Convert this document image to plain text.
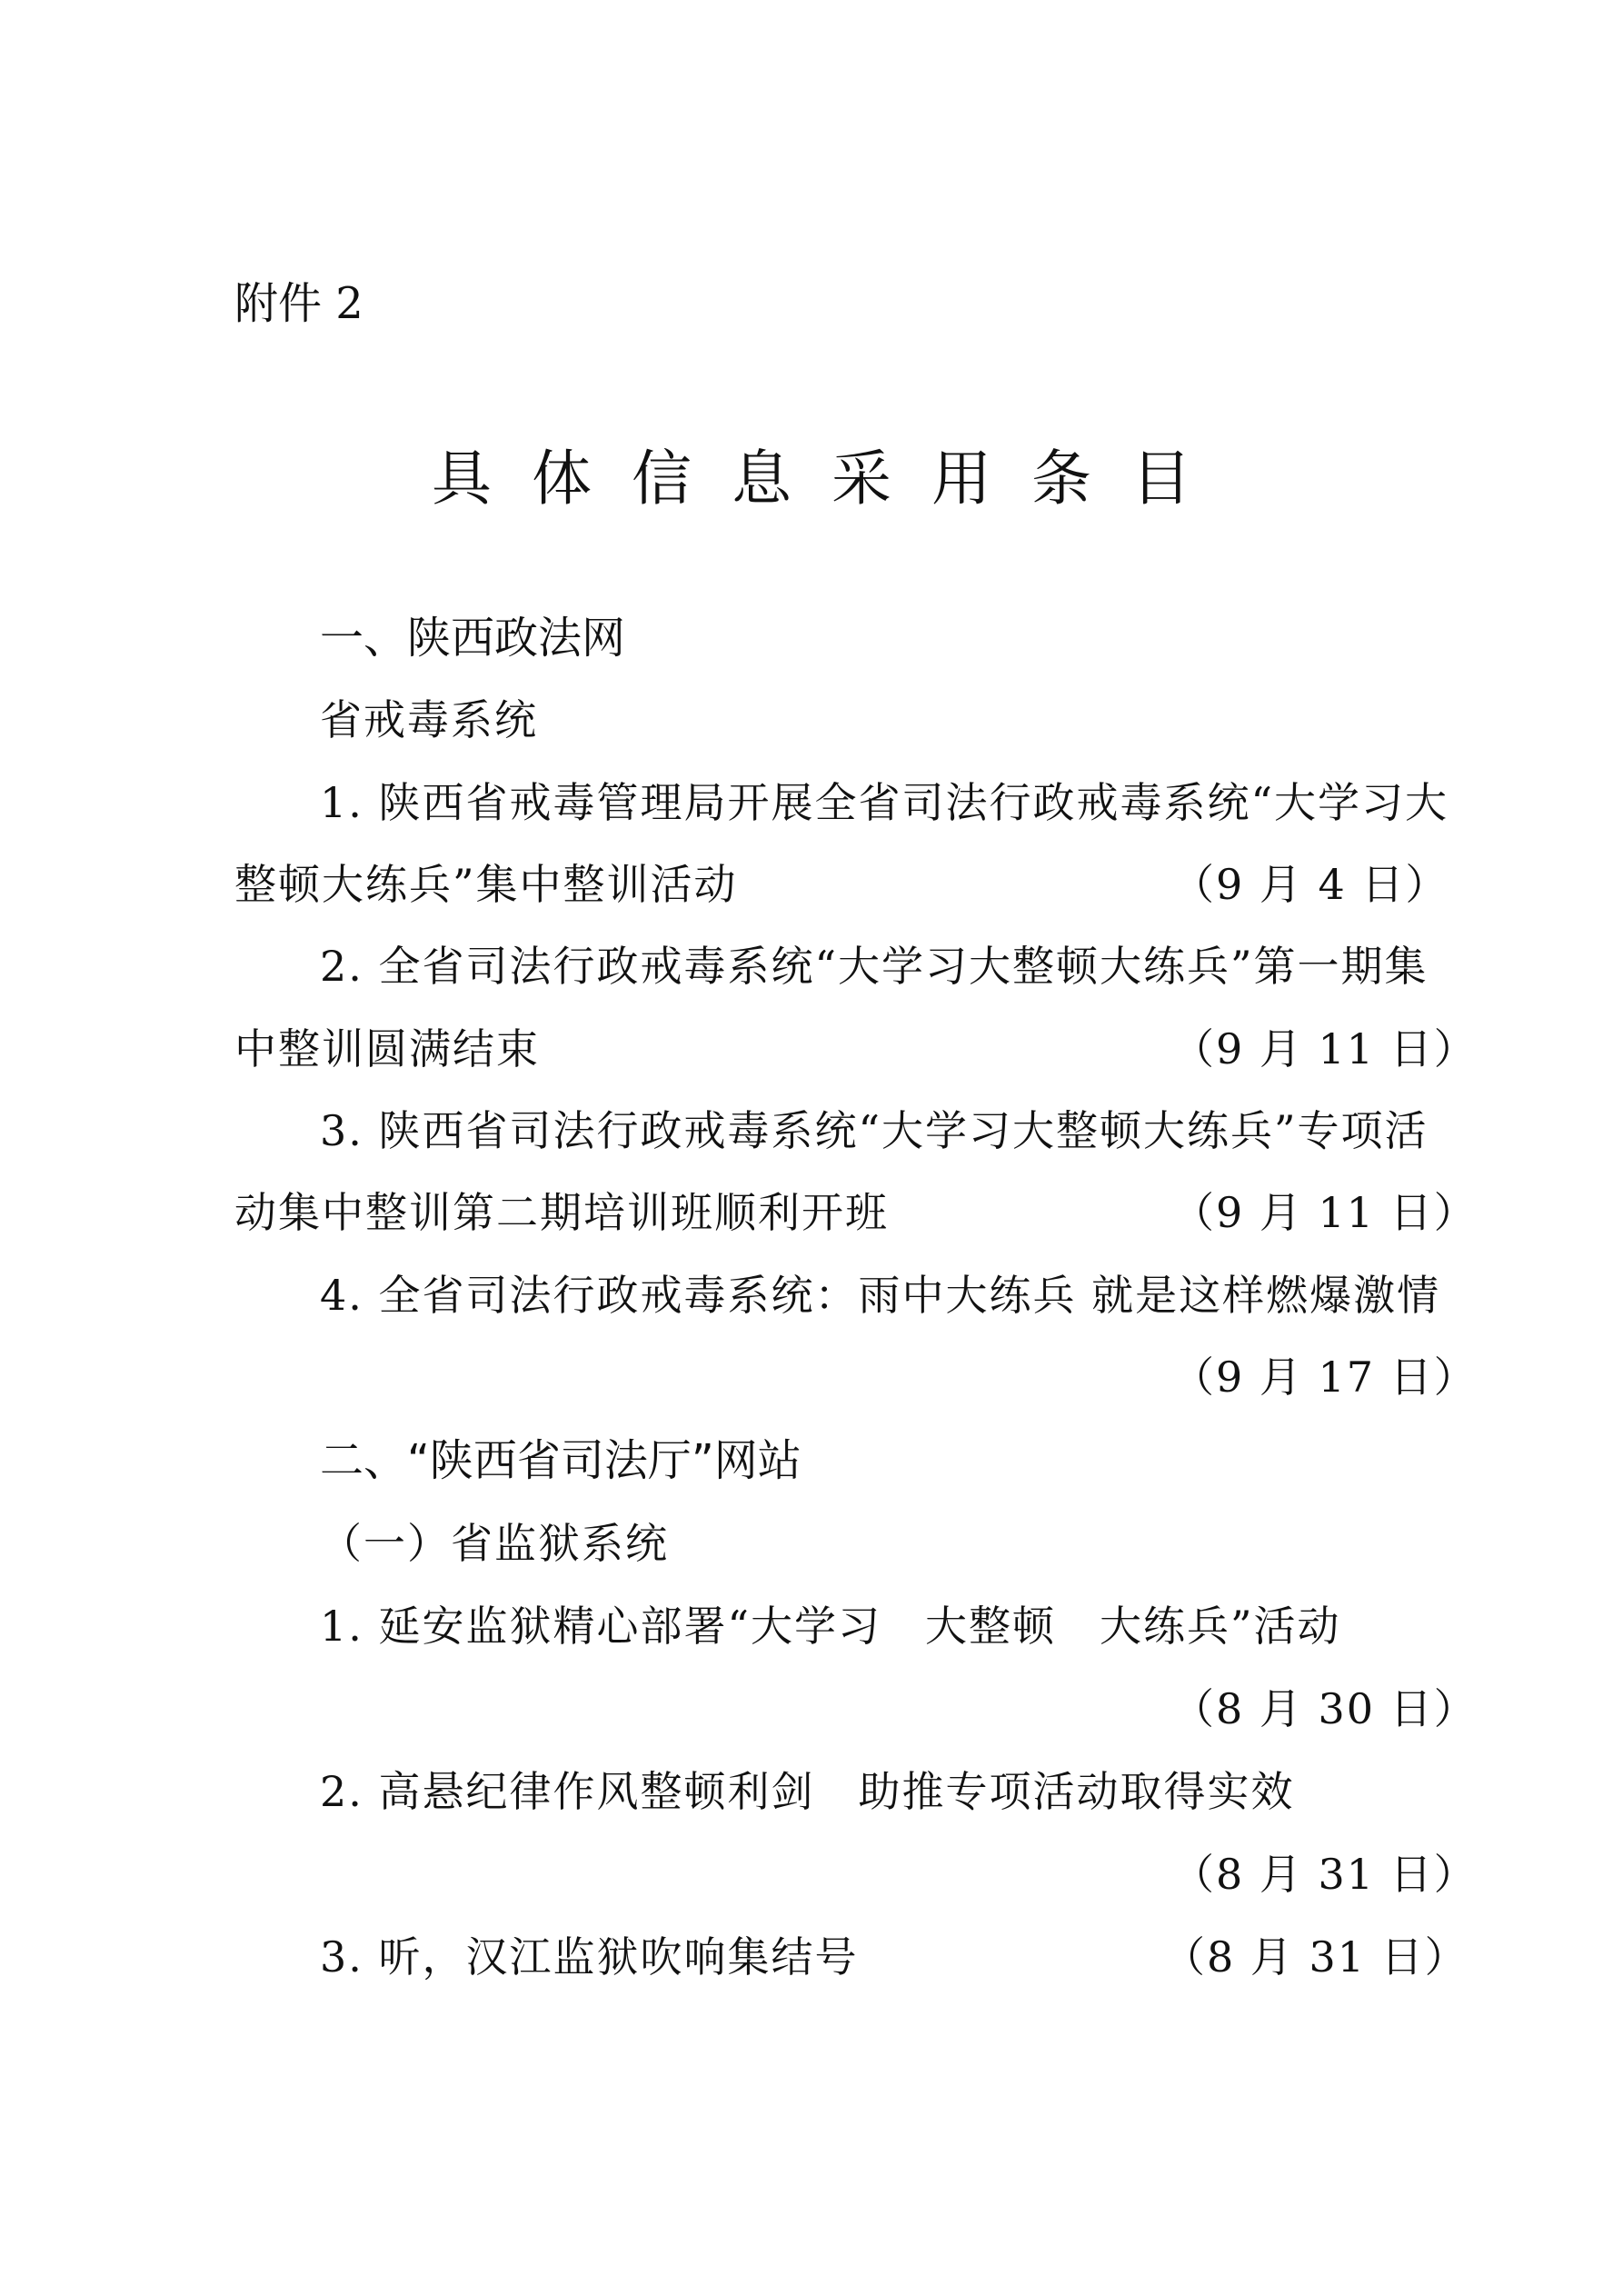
附件 2
具体信息采用条目
一、陕西政法网
省戒毒系统
1. 陕西省戒毒管理局开展全省司法行政戒毒系统“大学习大
整顿大练兵”集中整训活动	（9 月 4 日）
2. 全省司法行政戒毒系统“大学习大整顿大练兵”第一期集
中整训圆满结束	（9 月 11 日）
3. 陕西省司法行政戒毒系统“大学习大整顿大练兵”专项活
动集中整训第二期培训班顺利开班	（9 月 11 日）
4. 全省司法行政戒毒系统：雨中大练兵 就是这样燃爆激情
（9 月 17 日）
二、“陕西省司法厅”网站
（一）省监狱系统
1. 延安监狱精心部署“大学习　大整顿　大练兵”活动
（8 月 30 日）
2. 高悬纪律作风整顿利剑　助推专项活动取得实效
（8 月 31 日）
3. 听，汉江监狱吹响集结号	（8 月 31 日）
